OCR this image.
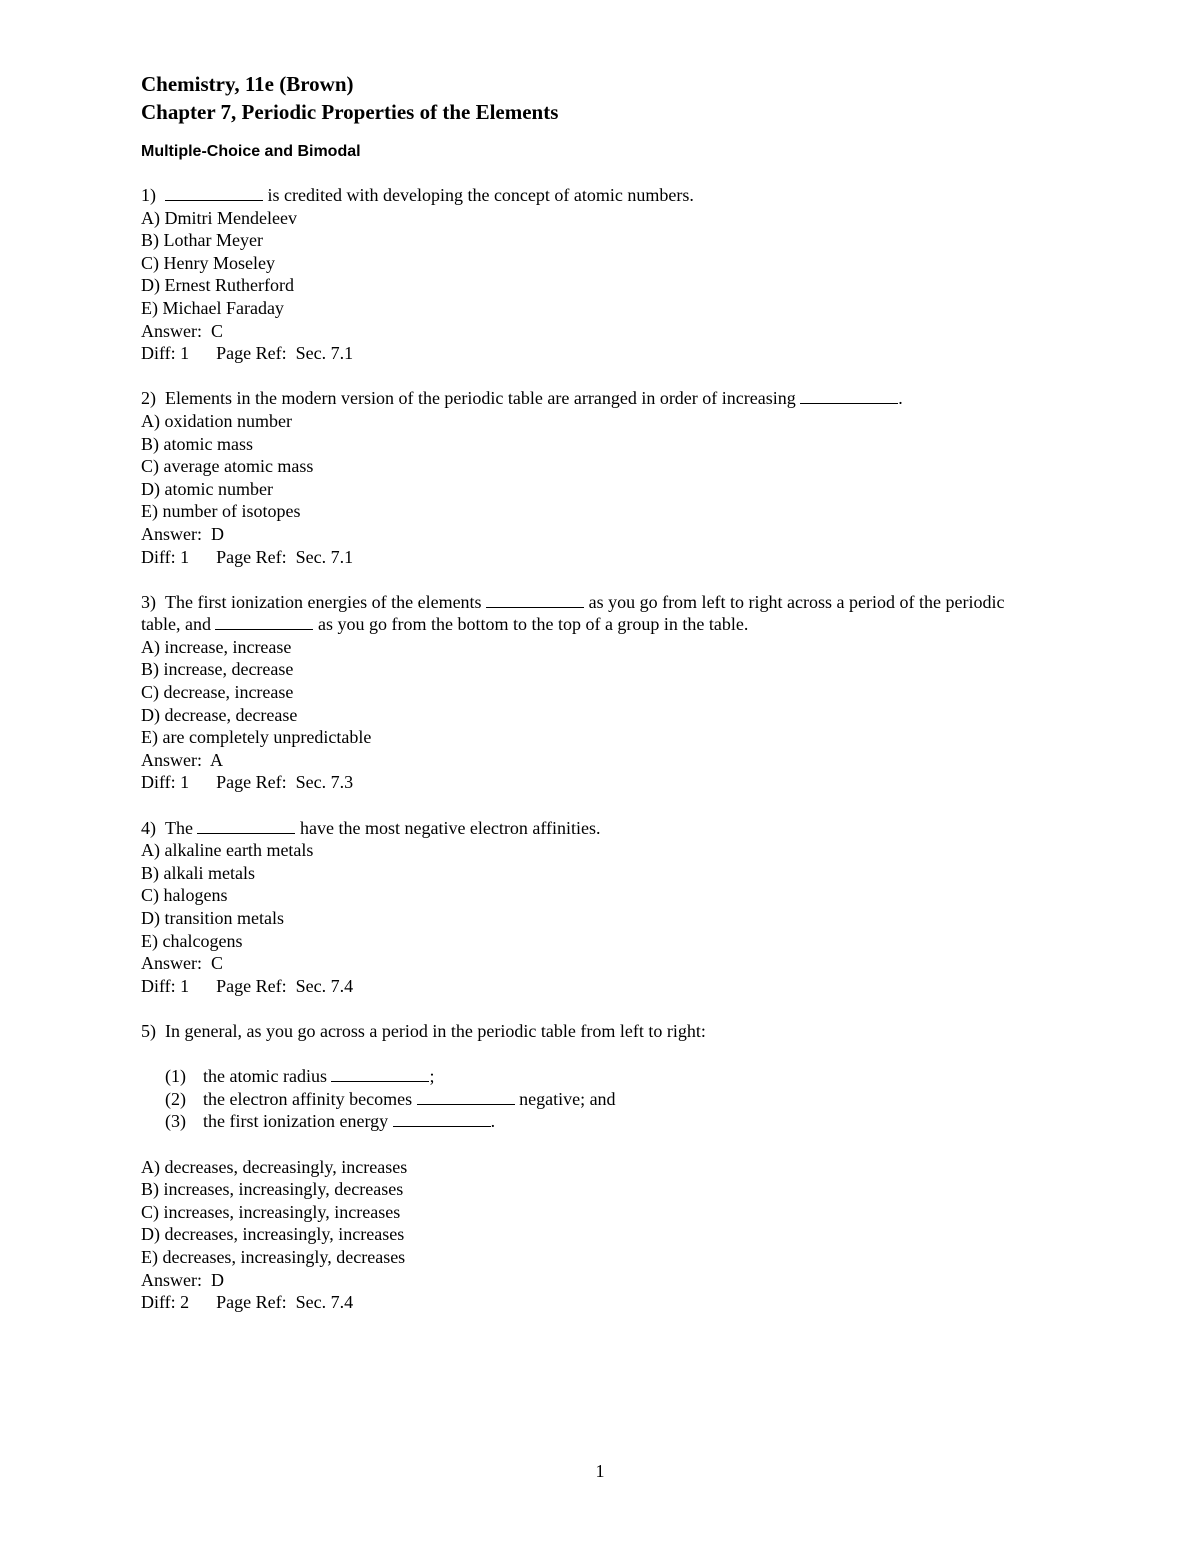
Chemistry, 11e (Brown)
Chapter 7, Periodic Properties of the Elements
Multiple-Choice and Bimodal
1)	is credited with developing the concept of atomic numbers.
A) Dmitri Mendeleev
B) Lothar Meyer
C) Henry Moseley
D) Ernest Rutherford
E) Michael Faraday
Answer:  C
Diff: 1      Page Ref:  Sec. 7.1
2) Elements in the modern version of the periodic table are arranged in order of increasing	.
A) oxidation number
B) atomic mass
C) average atomic mass
D) atomic number
E) number of isotopes
Answer:  D
Diff: 1      Page Ref:  Sec. 7.1
3) The first ionization energies of the elements	as you go from left to right across a period of the periodic table, and	as you go from the bottom to the top of a group in the table.
A) increase, increase
B) increase, decrease
C) decrease, increase
D) decrease, decrease
E) are completely unpredictable
Answer:  A
Diff: 1      Page Ref:  Sec. 7.3
4) The	have the most negative electron affinities.
A) alkaline earth metals
B) alkali metals
C) halogens
D) transition metals
E) chalcogens
Answer:  C
Diff: 1      Page Ref:  Sec. 7.4
5) In general, as you go across a period in the periodic table from left to right:
(1) the atomic radius	;
(2) the electron affinity becomes	negative; and
(3) the first ionization energy	.
A) decreases, decreasingly, increases
B) increases, increasingly, decreases
C) increases, increasingly, increases
D) decreases, increasingly, increases
E) decreases, increasingly, decreases
Answer:  D
Diff: 2      Page Ref:  Sec. 7.4
1
